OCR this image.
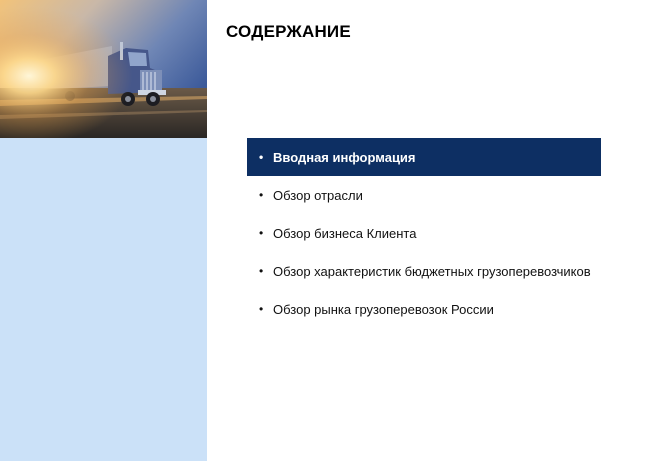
СОДЕРЖАНИЕ
• Вводная информация
• Обзор отрасли
• Обзор бизнеса Клиента
• Обзор характеристик бюджетных грузоперевозчиков
• Обзор рынка грузоперевозок России
